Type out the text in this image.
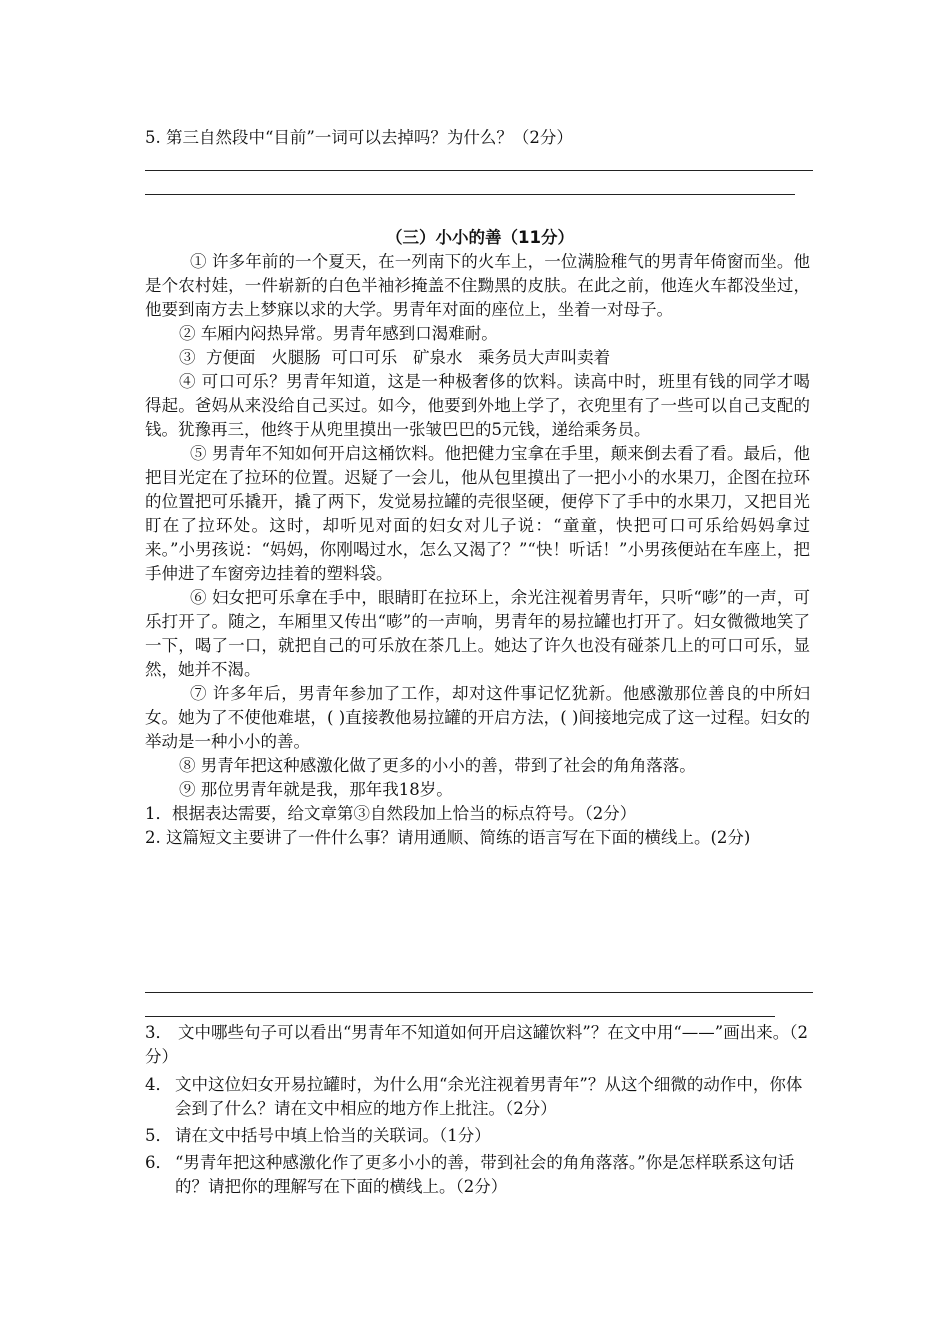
5. 第三自然段中“目前”一词可以去掉吗？为什么？（2分）
（三）小小的善（11分）

① 许多年前的一个夏天，在一列南下的火车上，一位满脸稚气的男青年倚窗而坐。他是个农村娃，一件崭新的白色半袖衫掩盖不住黝黑的皮肤。在此之前，他连火车都没坐过，他要到南方去上梦寐以求的大学。男青年对面的座位上，坐着一对母子。

② 车厢内闷热异常。男青年感到口渴难耐。

③  方便面   火腿肠  可口可乐   矿泉水   乘务员大声叫卖着

④ 可口可乐？男青年知道，这是一种极奢侈的饮料。读高中时，班里有钱的同学才喝得起。爸妈从来没给自己买过。如今，他要到外地上学了，衣兜里有了一些可以自己支配的钱。犹豫再三，他终于从兜里摸出一张皱巴巴的5元钱，递给乘务员。

⑤ 男青年不知如何开启这桶饮料。他把健力宝拿在手里，颠来倒去看了看。最后，他把目光定在了拉环的位置。迟疑了一会儿，他从包里摸出了一把小小的水果刀，企图在拉环的位置把可乐撬开，撬了两下，发觉易拉罐的壳很坚硬，便停下了手中的水果刀，又把目光盯在了拉环处。这时，却听见对面的妇女对儿子说：“童童，快把可口可乐给妈妈拿过来。”小男孩说：“妈妈，你刚喝过水，怎么又渴了？”“快！听话！”小男孩便站在车座上，把手伸进了车窗旁边挂着的塑料袋。

⑥ 妇女把可乐拿在手中，眼睛盯在拉环上，余光注视着男青年，只听“嘭”的一声，可乐打开了。随之，车厢里又传出“嘭”的一声响，男青年的易拉罐也打开了。妇女微微地笑了一下，喝了一口，就把自己的可乐放在茶几上。她达了许久也没有碰茶几上的可口可乐，显然，她并不渴。

⑦ 许多年后，男青年参加了工作，却对这件事记忆犹新。他感激那位善良的中所妇女。她为了不使他难堪，( )直接教他易拉罐的开启方法，( )间接地完成了这一过程。妇女的举动是一种小小的善。

⑧ 男青年把这种感激化做了更多的小小的善，带到了社会的角角落落。

⑨ 那位男青年就是我，那年我18岁。

1．根据表达需要，给文章第③自然段加上恰当的标点符号。（2分）

2. 这篇短文主要讲了一件什么事？请用通顺、简练的语言写在下面的横线上。(2分)

3． 文中哪些句子可以看出“男青年不知道如何开启这罐饮料”？在文中用“——”画出来。（2分）
4． 文中这位妇女开易拉罐时，为什么用“余光注视着男青年”？从这个细微的动作中，你体会到了什么？请在文中相应的地方作上批注。（2分）
5． 请在文中括号中填上恰当的关联词。（1分）
6． “男青年把这种感激化作了更多小小的善，带到社会的角角落落。”你是怎样联系这句话的？请把你的理解写在下面的横线上。（2分）
